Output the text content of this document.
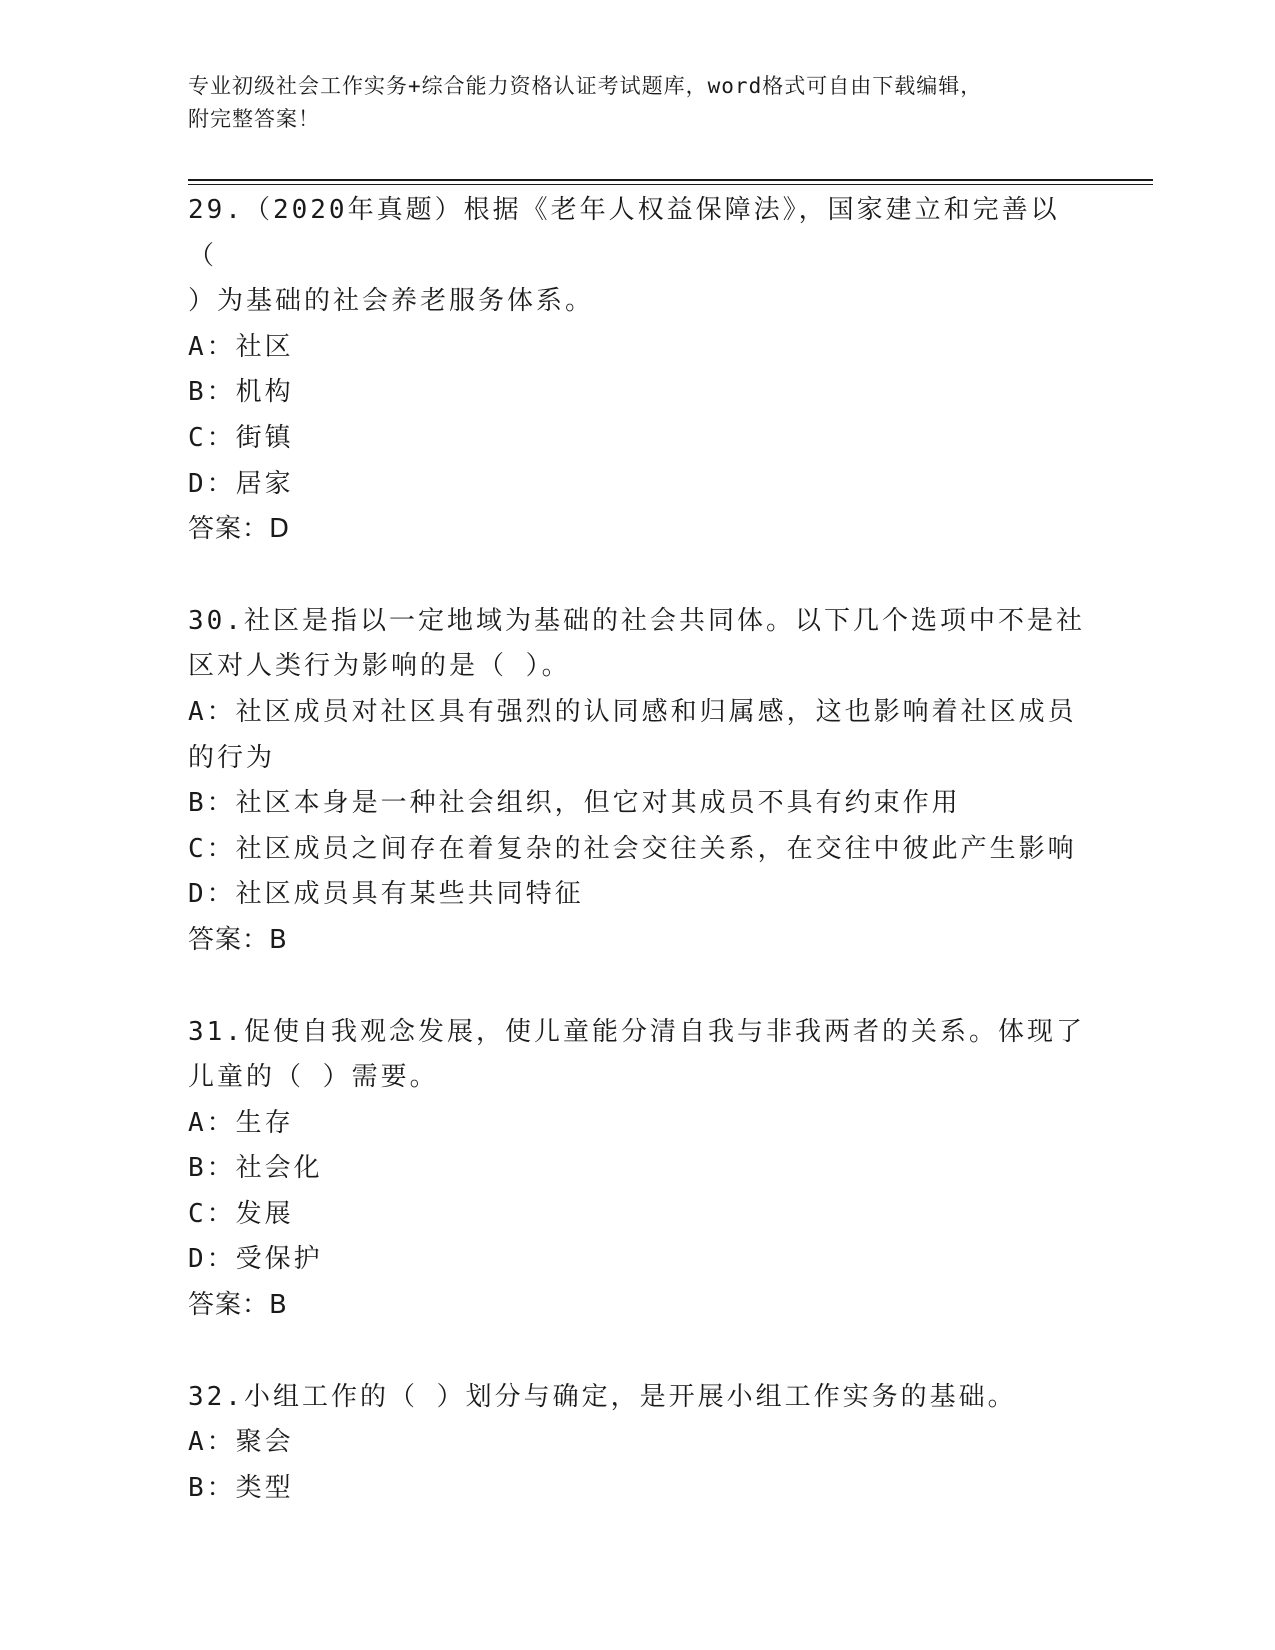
专业初级社会工作实务+综合能力资格认证考试题库，word格式可自由下载编辑，
附完整答案！
29.（2020年真题）根据《老年人权益保障法》，国家建立和完善以（
）为基础的社会养老服务体系。
A：社区
B：机构
C：街镇
D：居家
答案：D
30.社区是指以一定地域为基础的社会共同体。以下几个选项中不是社
区对人类行为影响的是（ ）。
A：社区成员对社区具有强烈的认同感和归属感，这也影响着社区成员
的行为
B：社区本身是一种社会组织，但它对其成员不具有约束作用
C：社区成员之间存在着复杂的社会交往关系，在交往中彼此产生影响
D：社区成员具有某些共同特征
答案：B
31.促使自我观念发展，使儿童能分清自我与非我两者的关系。体现了
儿童的（ ）需要。
A：生存
B：社会化
C：发展
D：受保护
答案：B
32.小组工作的（ ）划分与确定，是开展小组工作实务的基础。
A：聚会
B：类型
